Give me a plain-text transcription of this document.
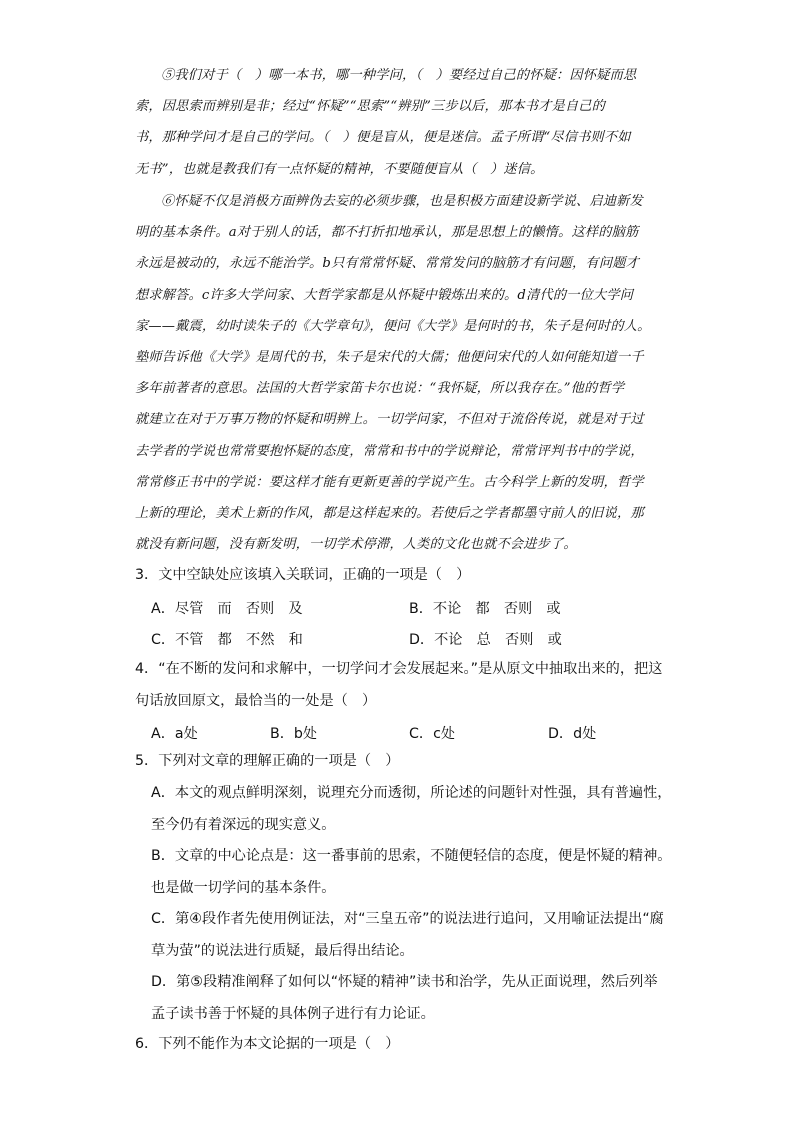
⑤我们对于（　）哪一本书，哪一种学问，（　）要经过自己的怀疑：因怀疑而思
索，因思索而辨别是非；经过“怀疑”“思索”“辨别”三步以后，那本书才是自己的
书，那种学问才是自己的学问。（　）便是盲从，便是迷信。孟子所谓“尽信书则不如
无书”，也就是教我们有一点怀疑的精神，不要随便盲从（　）迷信。
⑥怀疑不仅是消极方面辨伪去妄的必须步骤，也是积极方面建设新学说、启迪新发
明的基本条件。a对于别人的话，都不打折扣地承认，那是思想上的懒惰。这样的脑筋
永远是被动的，永远不能治学。b只有常常怀疑、常常发问的脑筋才有问题，有问题才
想求解答。c许多大学问家、大哲学家都是从怀疑中锻炼出来的。d清代的一位大学问
家——戴震，幼时读朱子的《大学章句》，便问《大学》是何时的书，朱子是何时的人。
塾师告诉他《大学》是周代的书，朱子是宋代的大儒；他便问宋代的人如何能知道一千
多年前著者的意思。法国的大哲学家笛卡尔也说：“我怀疑，所以我存在。”他的哲学
就建立在对于万事万物的怀疑和明辨上。一切学问家，不但对于流俗传说，就是对于过
去学者的学说也常常要抱怀疑的态度，常常和书中的学说辩论，常常评判书中的学说，
常常修正书中的学说：要这样才能有更新更善的学说产生。古今科学上新的发明，哲学
上新的理论，美术上新的作风，都是这样起来的。若使后之学者都墨守前人的旧说，那
就没有新问题，没有新发明，一切学术停滞，人类的文化也就不会进步了。
3．文中空缺处应该填入关联词，正确的一项是（　）
A．尽管　而　否则　及	B．不论　都　否则　或
C．不管　都　不然　和	D．不论　总　否则　或
4．“在不断的发问和求解中，一切学问才会发展起来。”是从原文中抽取出来的，把这
句话放回原文，最恰当的一处是（　）
A．a处	B．b处	C．c处	D．d处
5．下列对文章的理解正确的一项是（　）
A．本文的观点鲜明深刻，说理充分而透彻，所论述的问题针对性强，具有普遍性，
至今仍有着深远的现实意义。
B．文章的中心论点是：这一番事前的思索，不随便轻信的态度，便是怀疑的精神。
也是做一切学问的基本条件。
C．第④段作者先使用例证法，对“三皇五帝”的说法进行追问，又用喻证法提出“腐
草为萤”的说法进行质疑，最后得出结论。
D．第⑤段精准阐释了如何以“怀疑的精神”读书和治学，先从正面说理，然后列举
孟子读书善于怀疑的具体例子进行有力论证。
6．下列不能作为本文论据的一项是（　）
